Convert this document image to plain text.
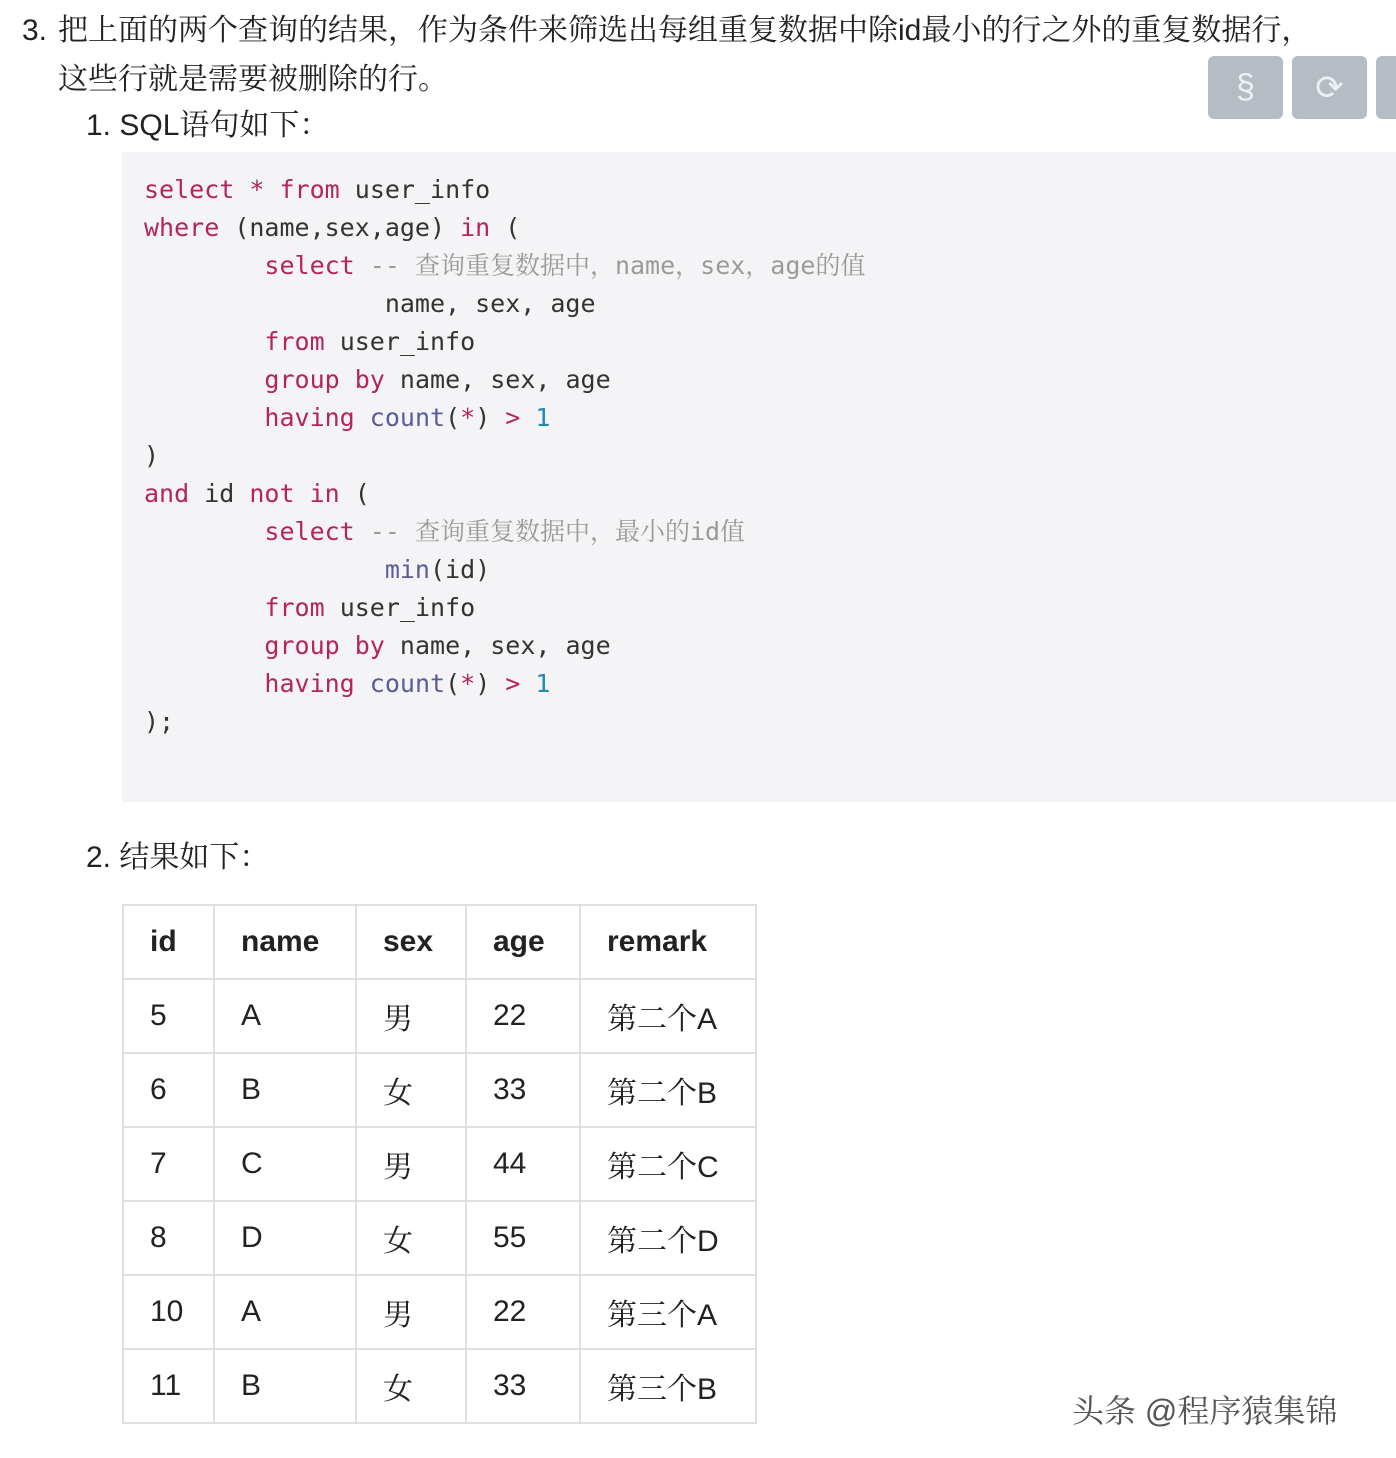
3. 把上面的两个查询的结果，作为条件来筛选出每组重复数据中除id最小的行之外的重复数据行，
这些行就是需要被删除的行。	§ ⟳
1. SQL语句如下：
select * from user_info
where (name,sex,age) in (
select -- 查询重复数据中，name，sex，age的值
name, sex, age
from user_info
group by name, sex, age
having count(*) > 1
)
and id not in (
select -- 查询重复数据中，最小的id值
min(id)
from user_info
group by name, sex, age
having count(*) > 1
);
2. 结果如下：
id	name	sex	age	remark
5	A	男	22	第二个A
6	B	女	33	第二个B
7	C	男	44	第二个C
8	D	女	55	第二个D
10	A	男	22	第三个A
11	B	女	33	第三个B
头条 @程序猿集锦
